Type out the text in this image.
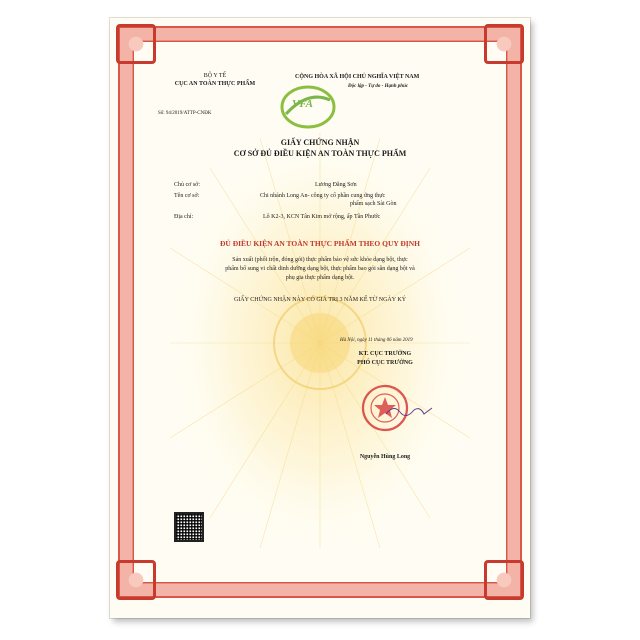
BỘ Y TẾ
CỤC AN TOÀN THỰC PHẨM
Số: 94/2019/ATTP-CNĐK
VFA
CỘNG HÒA XÃ HỘI CHỦ NGHĨA VIỆT NAM
Độc lập - Tự do - Hạnh phúc
GIẤY CHỨNG NHẬN
CƠ SỞ ĐỦ ĐIỀU KIỆN AN TOÀN THỰC PHẨM
Chủ cơ sở:	Lương Đăng Sơn
Tên cơ sở:	Chi nhánh Long An- công ty cổ phần cung ứng thực
phẩm sạch Sài Gòn
Địa chỉ:	Lô K2-3, KCN Tân Kim mở rộng, ấp Tân Phước
ĐỦ ĐIỀU KIỆN AN TOÀN THỰC PHẨM THEO QUY ĐỊNH
Sản xuất (phối trộn, đóng gói) thực phẩm bảo vệ sức khỏe dạng bột, thực
phẩm bổ sung vi chất dinh dưỡng dạng bột, thực phẩm bao gói sẵn dạng bột và
phụ gia thực phẩm dạng bột.
GIẤY CHỨNG NHẬN NÀY CÓ GIÁ TRỊ 3 NĂM KỂ TỪ NGÀY KÝ
Hà Nội, ngày 11 tháng 06 năm 2019
KT. CỤC TRƯỞNG
PHÓ CỤC TRƯỞNG
Nguyễn Hùng Long
